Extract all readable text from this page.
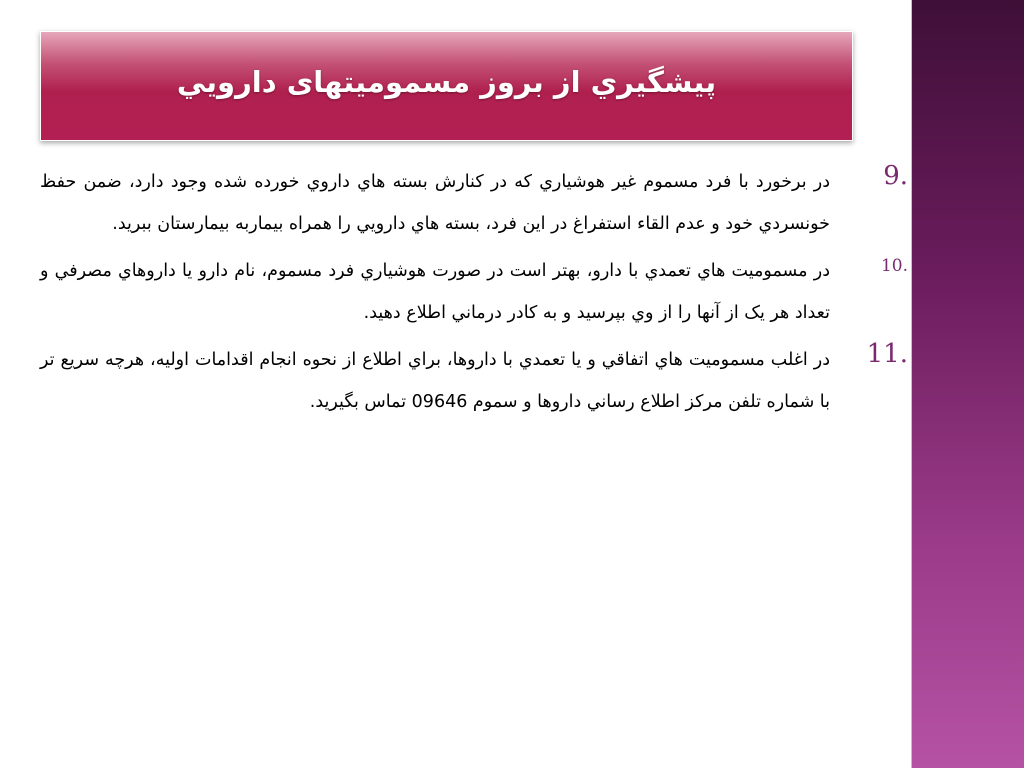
پيشگيري از بروز مسموميتهای دارويي
9.
در برخورد با فرد مسموم غير هوشياري که در کنارش بسته هاي داروي خورده شده وجود دارد، ضمن حفظ خونسردي خود و عدم القاء استفراغ در اين فرد، بسته هاي دارويي را همراه بيماربه بيمارستان ببريد.
10.
در مسموميت هاي تعمدي با دارو، بهتر است در صورت هوشياري فرد مسموم، نام دارو يا داروهاي مصرفي و تعداد هر يک از آنها را از وي بپرسيد و به کادر درماني اطلاع دهيد.
11.
در اغلب مسموميت هاي اتفاقي و يا تعمدي با داروها، براي اطلاع از نحوه انجام اقدامات اوليه، هرچه سريع تر با شماره تلفن مرکز اطلاع رساني داروها و سموم 09646 تماس بگيريد.
